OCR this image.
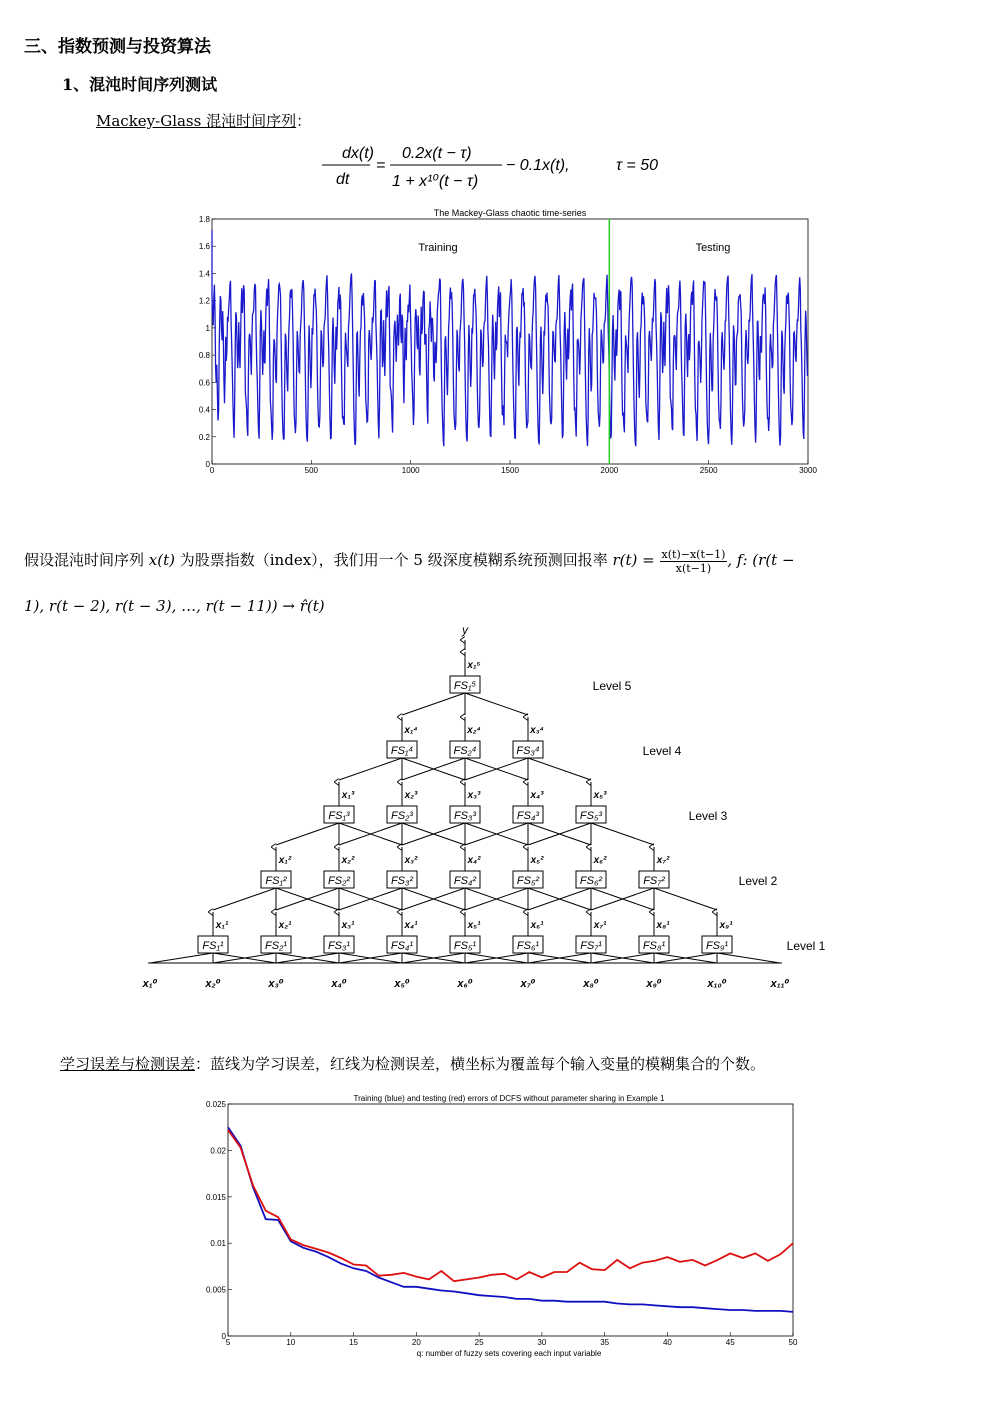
三、指数预测与投资算法
1、混沌时间序列测试
Mackey-Glass 混沌时间序列：
dx(t)
dt
=
0.2x(t − τ)
1 + x¹⁰(t − τ)
− 0.1x(t),	τ = 50
The Mackey-Glass chaotic time-series
Training	Testing
0
0.2
0.4
0.6
0.8
1
1.2
1.4
1.6
1.8
0	500	1000	1500	2000	2500	3000
假设混沌时间序列 x(t) 为股票指数（index），我们用一个 5 级深度模糊系统预测回报率 $r(t) = \frac{x(t)-x(t-1)}{x(t-1)}$ , f: (r(t −
1), r(t − 2), r(t − 3), …, r(t − 11)) → r̂(t)
x₁⁰	x₂⁰	x₃⁰	x₄⁰	x₅⁰	x₆⁰	x₇⁰	x₈⁰	x₉⁰	x₁₀⁰	x₁₁⁰
FS₁¹
x₁¹
FS₂¹
x₂¹
FS₃¹
x₃¹
FS₄¹
x₄¹
FS₅¹
x₅¹
FS₆¹
x₆¹
FS₇¹
x₇¹
FS₈¹
x₈¹
FS₉¹
x₉¹
Level 1
FS₁²
x₁²
FS₂²
x₂²
FS₃²
x₃²
FS₄²
x₄²
FS₅²
x₅²
FS₆²
x₆²
FS₇²
x₇²
Level 2
FS₁³
x₁³
FS₂³
x₂³
FS₃³
x₃³
FS₄³
x₄³
FS₅³
x₅³
Level 3
FS₁⁴
x₁⁴
FS₂⁴
x₂⁴
FS₃⁴
x₃⁴
Level 4
FS₁⁵
x₁⁵
Level 5
y
学习误差与检测误差：蓝线为学习误差，红线为检测误差，横坐标为覆盖每个输入变量的模糊集合的个数。
Training (blue) and testing (red) errors of DCFS without parameter sharing in Example 1
0
0.005
0.01
0.015
0.02
0.025
5	10	15	20	25	30	35	40	45	50
q: number of fuzzy sets covering each input variable
